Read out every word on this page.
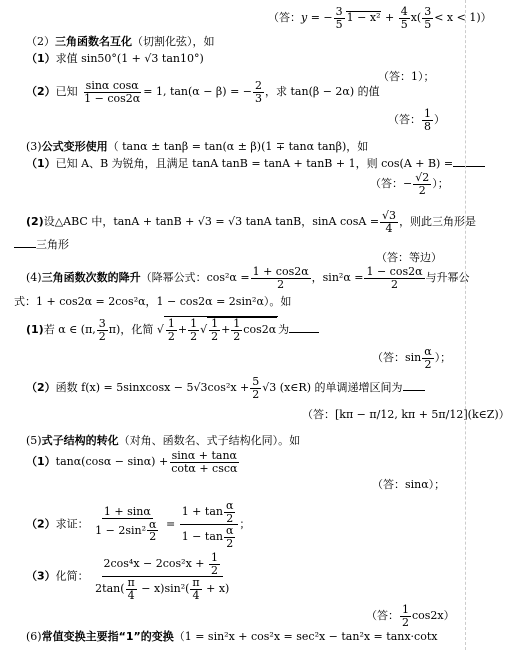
（答：y = − $\frac{3}{5} 1 - x^2 + \frac{4}{5} x( \frac{3}{5} < x < 1)$）
（2）三角函数名互化（切割化弦），如
（1）求值 sin50°(1 + √3 tan10°)
（答：1）；
（2）已知 $\frac{\text{sinα cosα}}{1 - \cos 2\alpha} = 1$, tan(α − β) = − $\frac{2}{3}$ ，求 tan(β − 2α) 的值
（答： $\frac{1}{8}$ ）
(3)公式变形使用（ tanα ± tanβ = tan(α ± β)(1 ∓ tanα tanβ)，如
（1）已知 A、B 为锐角，且满足 tanA tanB = tanA + tanB + 1，则 cos(A + B) =
（答：− $\frac{√2}{2}$ ）；
(2)设△ABC 中，tanA + tanB + √3 = √3 tanA tanB，sinA $\cos A = \frac{√3}{4}$ ，则此三角形是
三角形
（答：等边）
(4)三角函数次数的降升（降幂公式：$\cos^2\alpha = \frac{1 + \cos 2\alpha}{2}$ ，$\sin^2\alpha = \frac{1 - \cos 2\alpha}{2}$ 与升幂公
式：1 + cos2α = 2cos²α，1 − cos2α = 2sin²α）。如
(1)若 α ∈ (π, $\frac{3}{2} \pi$)，化简 √ $\frac{1}{2} + \frac{1}{2}$ √ $\frac{1}{2} + \frac{1}{2} \cos 2\alpha$ 为
（答：$\sin \frac{\alpha}{2}$ ）；
（2）函数 f(x) = 5sinxcosx − $5√3\cos^2x + \frac{5}{2} √3$ (x∈R) 的单调递增区间为
（答：[kπ − π/12, kπ + 5π/12](k∈Z)）
(5)式子结构的转化（对角、函数名、式子结构化同）。如
（1）tanα(cosα − sinα) + sinα + tanα
cotα + cscα
（答：sinα）；
（2）求证： $\frac{1 + \sin\alpha}{1 - 2\sin^2 \frac{\alpha}{2}} = \frac{1 + \tan \frac{\alpha}{2}}{1 - \tan \frac{\alpha}{2}}$ ；
（3）化简： $\frac{2\cos^4x - 2\cos^2x + \frac{1}{2}}{2\tan( \frac{\pi}{4} - x)\sin^2( \frac{\pi}{4} + x)}$
（答： $\frac{1}{2} \cos 2x$）
(6)常值变换主要指“1”的变换（1 = sin²x + cos²x = sec²x − tan²x = tanx·cotx
